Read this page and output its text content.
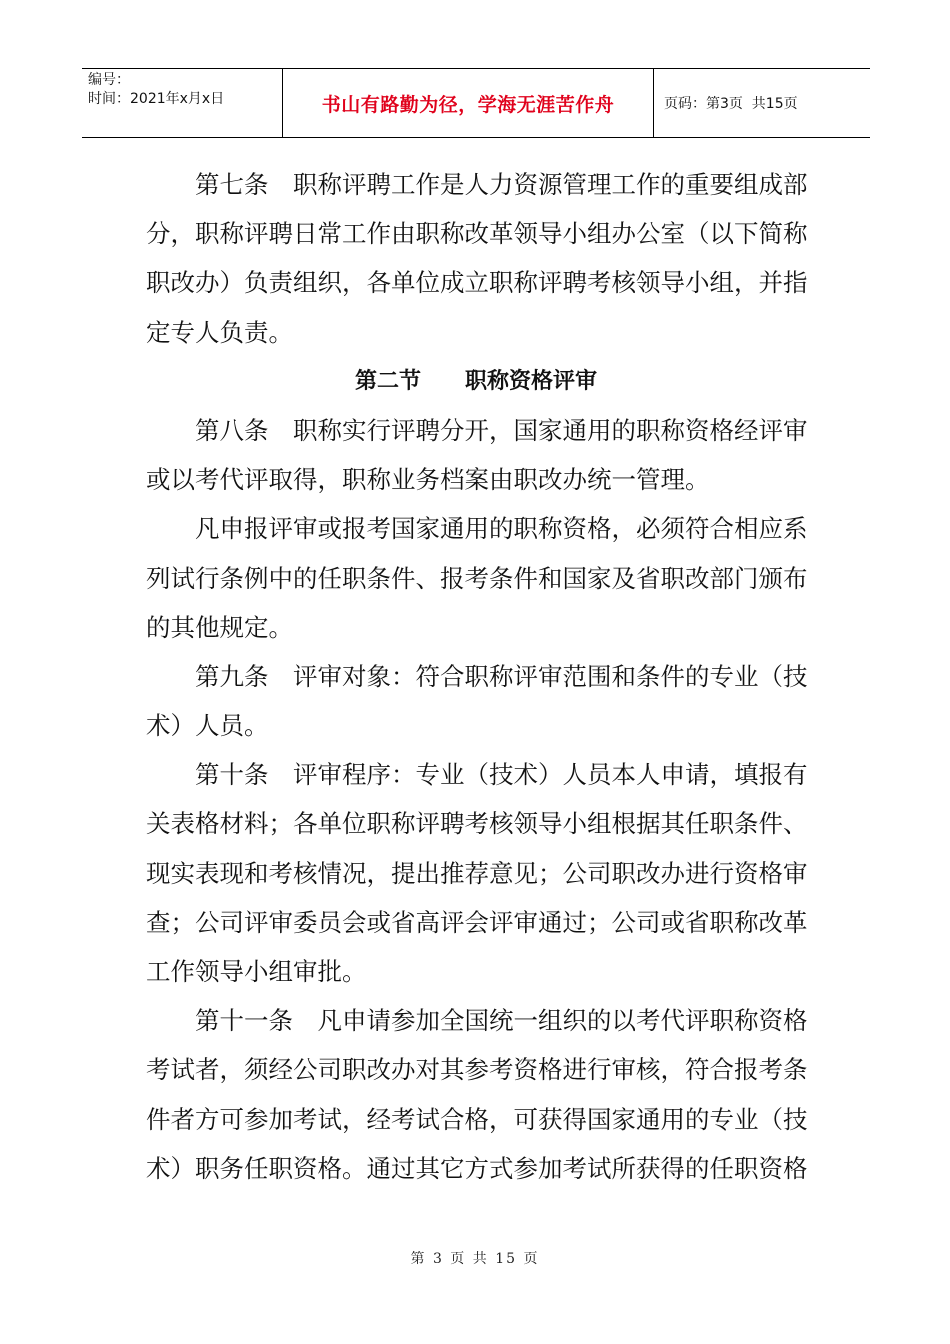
编号：
时间：2021年x月x日	书山有路勤为径，学海无涯苦作舟	页码：第3页  共15页
第七条　职称评聘工作是人力资源管理工作的重要组成部
分，职称评聘日常工作由职称改革领导小组办公室（以下简称
职改办）负责组织，各单位成立职称评聘考核领导小组，并指
定专人负责。
第二节　　职称资格评审
第八条　职称实行评聘分开，国家通用的职称资格经评审
或以考代评取得，职称业务档案由职改办统一管理。
凡申报评审或报考国家通用的职称资格，必须符合相应系
列试行条例中的任职条件、报考条件和国家及省职改部门颁布
的其他规定。
第九条　评审对象：符合职称评审范围和条件的专业（技
术）人员。
第十条　评审程序：专业（技术）人员本人申请，填报有
关表格材料；各单位职称评聘考核领导小组根据其任职条件、
现实表现和考核情况，提出推荐意见；公司职改办进行资格审
查；公司评审委员会或省高评会评审通过；公司或省职称改革
工作领导小组审批。
第十一条　凡申请参加全国统一组织的以考代评职称资格
考试者，须经公司职改办对其参考资格进行审核，符合报考条
件者方可参加考试，经考试合格，可获得国家通用的专业（技
术）职务任职资格。通过其它方式参加考试所获得的任职资格
第 3 页 共 15 页
